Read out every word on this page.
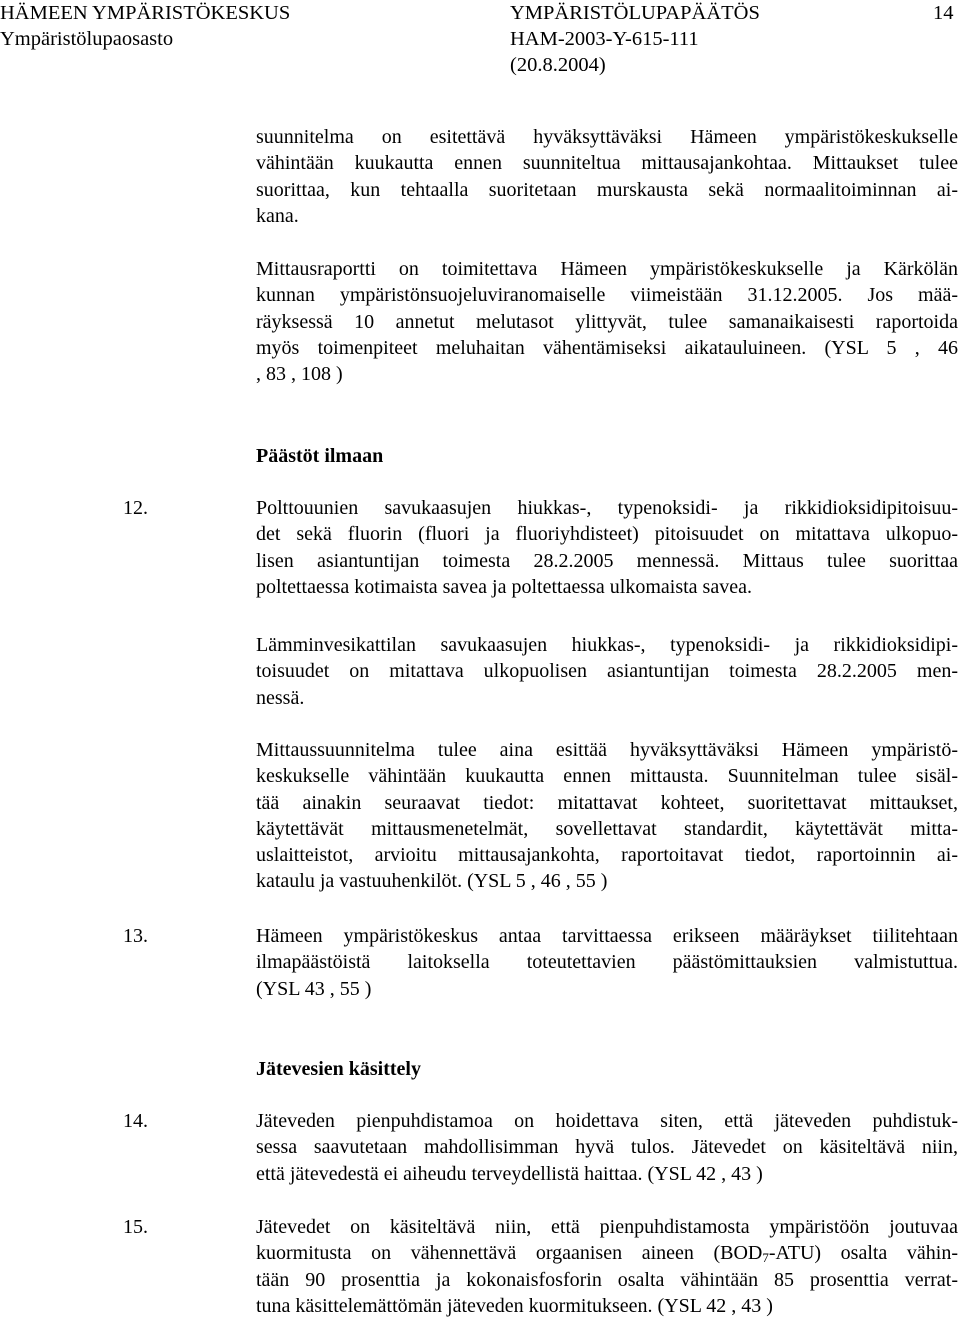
HÄMEEN YMPÄRISTÖKESKUS
Ympäristölupaosasto
YMPÄRISTÖLUPAPÄÄTÖS
HAM-2003-Y-615-111
(20.8.2004)
14
suunnitelma on esitettävä hyväksyttäväksi Hämeen ympäristökeskukselle
vähintään kuukautta ennen suunniteltua mittausajankohtaa. Mittaukset tulee
suorittaa, kun tehtaalla suoritetaan murskausta sekä normaalitoiminnan ai-
kana.
Mittausraportti on toimitettava Hämeen ympäristökeskukselle ja Kärkölän
kunnan ympäristönsuojeluviranomaiselle viimeistään 31.12.2005. Jos mää-
räyksessä 10 annetut melutasot ylittyvät, tulee samanaikaisesti raportoida
myös toimenpiteet meluhaitan vähentämiseksi aikatauluineen. (YSL 5 , 46
, 83 , 108 )
Päästöt ilmaan
12.	Polttouunien savukaasujen hiukkas-, typenoksidi- ja rikkidioksidipitoisuu-
det sekä fluorin (fluori ja fluoriyhdisteet) pitoisuudet on mitattava ulkopuo-
lisen asiantuntijan toimesta 28.2.2005 mennessä. Mittaus tulee suorittaa
poltettaessa kotimaista savea ja poltettaessa ulkomaista savea.
Lämminvesikattilan savukaasujen hiukkas-, typenoksidi- ja rikkidioksidipi-
toisuudet on mitattava ulkopuolisen asiantuntijan toimesta 28.2.2005 men-
nessä.
Mittaussuunnitelma tulee aina esittää hyväksyttäväksi Hämeen ympäristö-
keskukselle vähintään kuukautta ennen mittausta. Suunnitelman tulee sisäl-
tää ainakin seuraavat tiedot: mitattavat kohteet, suoritettavat mittaukset,
käytettävät mittausmenetelmät, sovellettavat standardit, käytettävät mitta-
uslaitteistot, arvioitu mittausajankohta, raportoitavat tiedot, raportoinnin ai-
kataulu ja vastuuhenkilöt. (YSL 5 , 46 , 55 )
13.	Hämeen ympäristökeskus antaa tarvittaessa erikseen määräykset tiilitehtaan
ilmapäästöistä laitoksella toteutettavien päästömittauksien valmistuttua.
(YSL 43 , 55 )
Jätevesien käsittely
14.	Jäteveden pienpuhdistamoa on hoidettava siten, että jäteveden puhdistuk-
sessa saavutetaan mahdollisimman hyvä tulos. Jätevedet on käsiteltävä niin,
että jätevedestä ei aiheudu terveydellistä haittaa. (YSL 42 , 43 )
15.	Jätevedet on käsiteltävä niin, että pienpuhdistamosta ympäristöön joutuvaa
kuormitusta on vähennettävä orgaanisen aineen $(BOD_7-ATU)$ osalta vähin-
tään 90 prosenttia ja kokonaisfosforin osalta vähintään 85 prosenttia verrat-
tuna käsittelemättömän jäteveden kuormitukseen. (YSL 42 , 43 )
